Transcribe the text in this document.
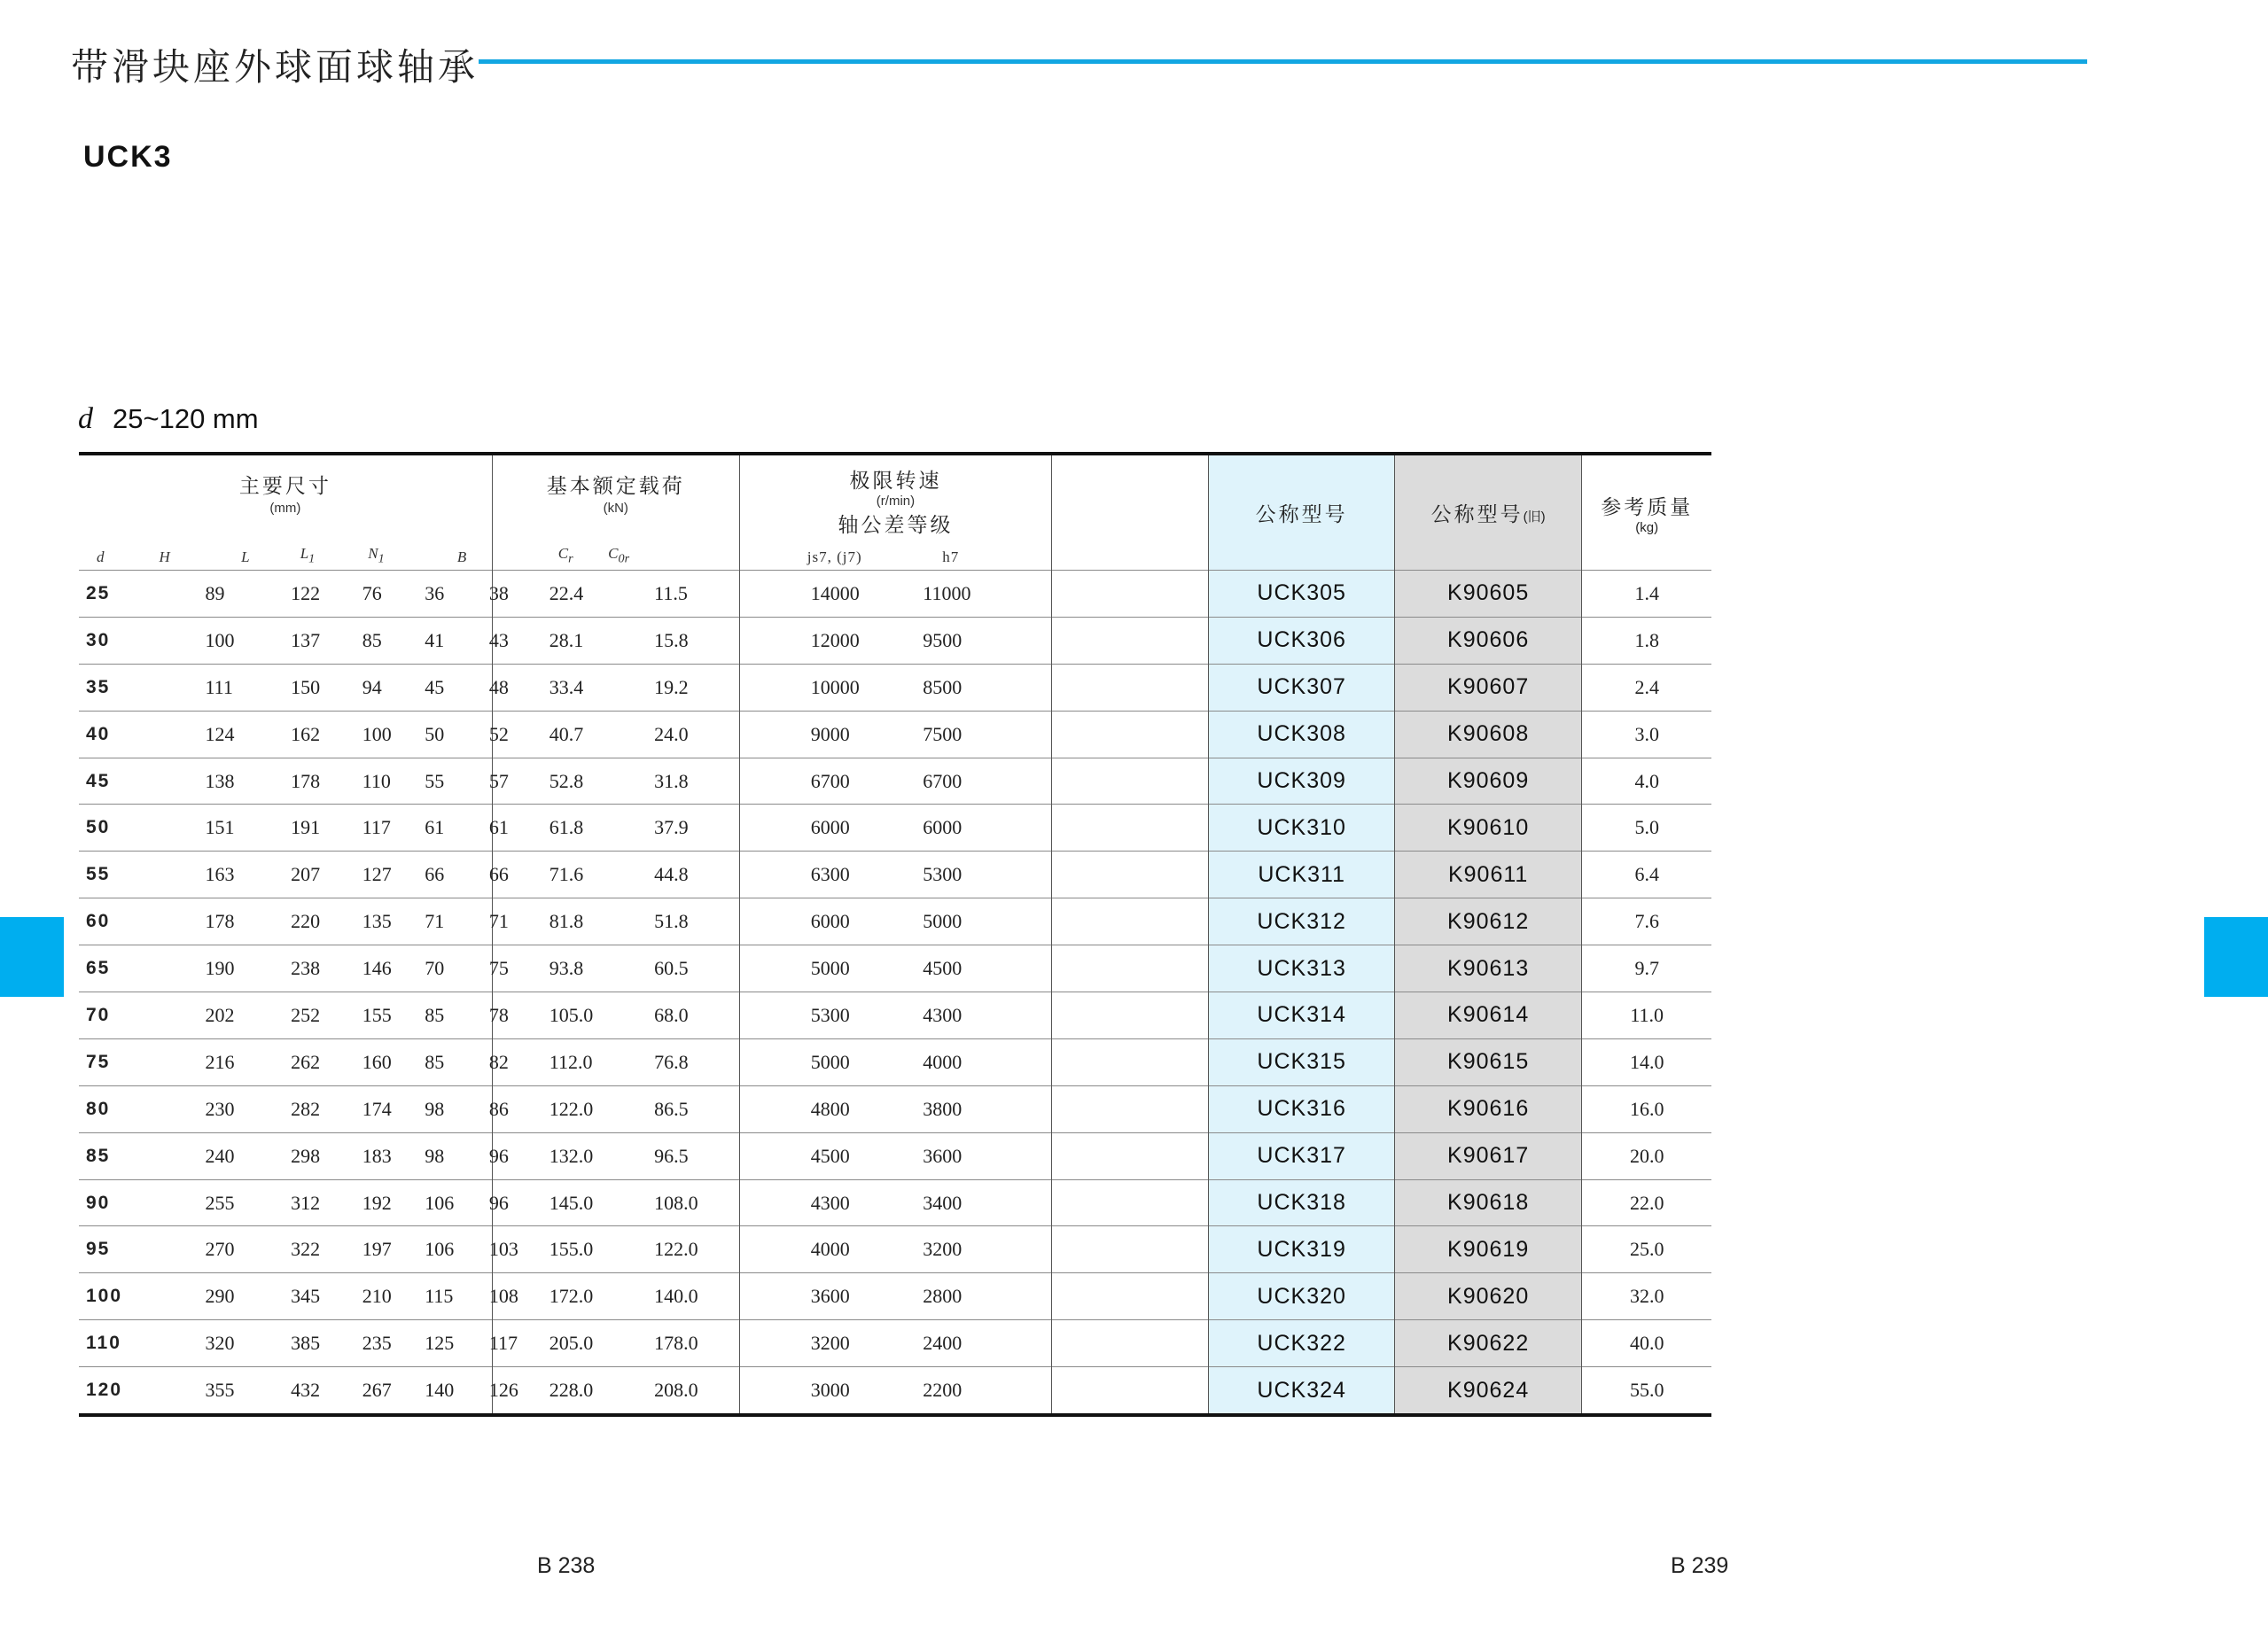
带滑块座外球面球轴承
UCK3
d 25~120 mm
主要尺寸
(mm)						基本额定载荷
(kN)		极限转速
(r/min)
轴公差等级			公称型号	公称型号(旧)	参考质量
(kg)

d	H	L	$L_1$	$N_1$	B	$C_r$	$C_{0r}$	js7, (j7)	h7				
25	89	122	76	36	38	22.4	11.5	14000	11000		UCK305	K90605	1.4
30	100	137	85	41	43	28.1	15.8	12000	9500		UCK306	K90606	1.8
35	111	150	94	45	48	33.4	19.2	10000	8500		UCK307	K90607	2.4
40	124	162	100	50	52	40.7	24.0	9000	7500		UCK308	K90608	3.0
45	138	178	110	55	57	52.8	31.8	6700	6700		UCK309	K90609	4.0
50	151	191	117	61	61	61.8	37.9	6000	6000		UCK310	K90610	5.0
55	163	207	127	66	66	71.6	44.8	6300	5300		UCK311	K90611	6.4
60	178	220	135	71	71	81.8	51.8	6000	5000		UCK312	K90612	7.6
65	190	238	146	70	75	93.8	60.5	5000	4500		UCK313	K90613	9.7
70	202	252	155	85	78	105.0	68.0	5300	4300		UCK314	K90614	11.0
75	216	262	160	85	82	112.0	76.8	5000	4000		UCK315	K90615	14.0
80	230	282	174	98	86	122.0	86.5	4800	3800		UCK316	K90616	16.0
85	240	298	183	98	96	132.0	96.5	4500	3600		UCK317	K90617	20.0
90	255	312	192	106	96	145.0	108.0	4300	3400		UCK318	K90618	22.0
95	270	322	197	106	103	155.0	122.0	4000	3200		UCK319	K90619	25.0
100	290	345	210	115	108	172.0	140.0	3600	2800		UCK320	K90620	32.0
110	320	385	235	125	117	205.0	178.0	3200	2400		UCK322	K90622	40.0
120	355	432	267	140	126	228.0	208.0	3000	2200		UCK324	K90624	55.0
B 238	B 239
